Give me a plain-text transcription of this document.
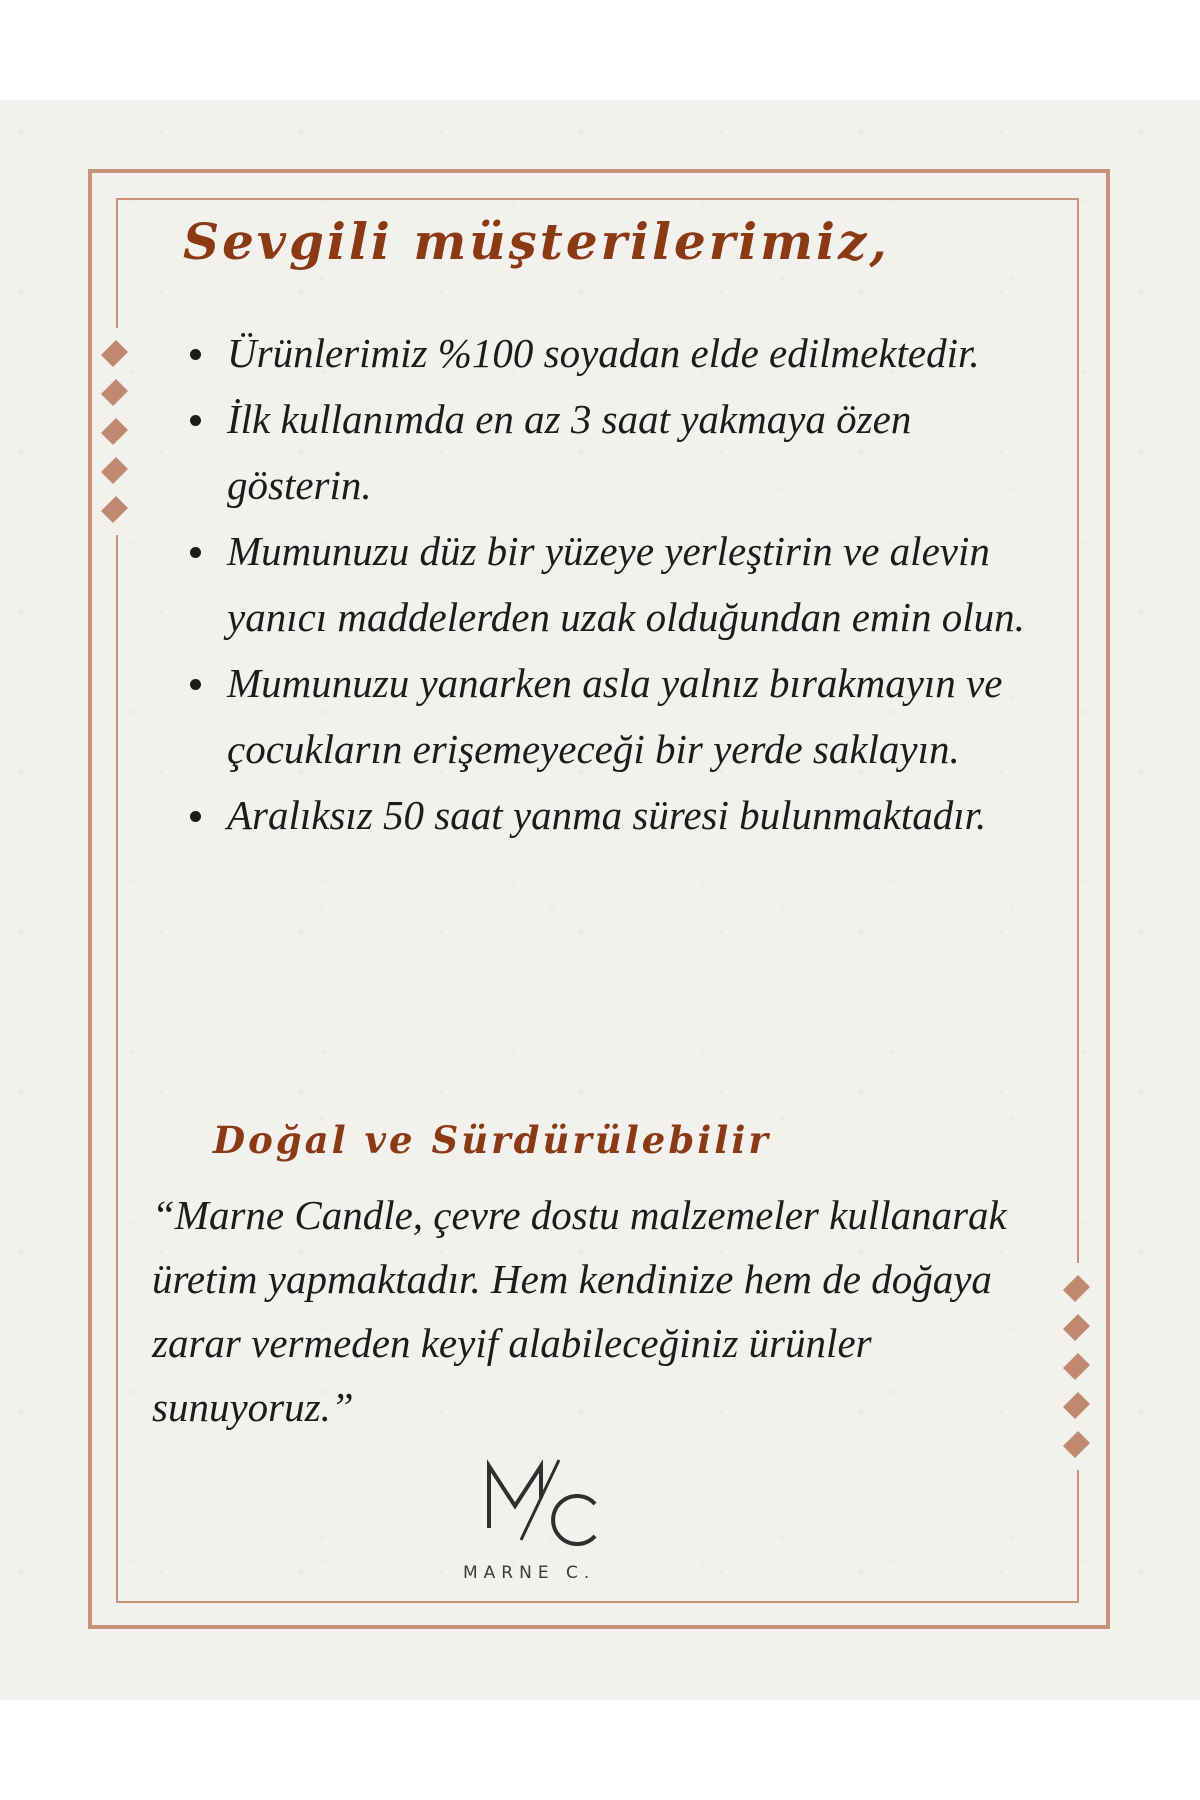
Sevgili müşterilerimiz,
Ürünlerimiz %100 soyadan elde edilmektedir.
İlk kullanımda en az 3 saat yakmaya özen gösterin.
Mumunuzu düz bir yüzeye yerleştirin ve alevin yanıcı maddelerden uzak olduğundan emin olun.
Mumunuzu yanarken asla yalnız bırakmayın ve çocukların erişemeyeceği bir yerde saklayın.
Aralıksız 50 saat yanma süresi bulunmaktadır.
Doğal ve Sürdürülebilir

“Marne Candle, çevre dostu malzemeler kullanarak üretim yapmaktadır. Hem kendinize hem de doğaya zarar vermeden keyif alabileceğiniz ürünler sunuyoruz.”

MARNE C.
